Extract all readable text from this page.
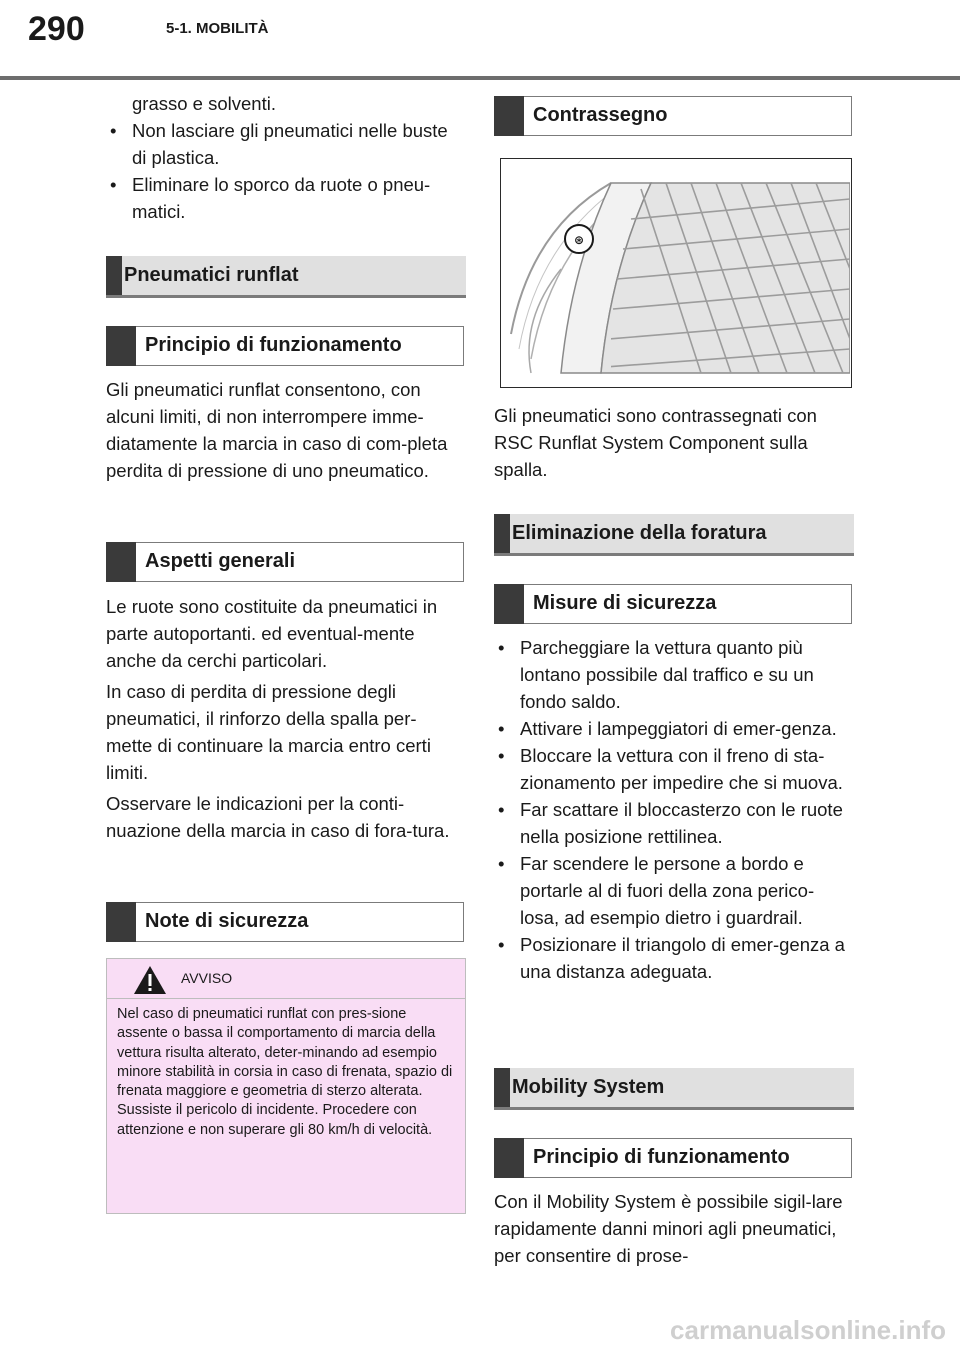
290	5-1. MOBILITÀ
grasso e solventi.
• Non lasciare gli pneumatici nelle buste di plastica.
• Eliminare lo sporco da ruote o pneu-matici.
Pneumatici runflat
Principio di funzionamento
Gli pneumatici runflat consentono, con alcuni limiti, di non interrompere imme-diatamente la marcia in caso di com-pleta perdita di pressione di uno pneumatico.
Aspetti generali
Le ruote sono costituite da pneumatici in parte autoportanti. ed eventual-mente anche da cerchi particolari.
In caso di perdita di pressione degli pneumatici, il rinforzo della spalla per-mette di continuare la marcia entro certi limiti.
Osservare le indicazioni per la conti-nuazione della marcia in caso di fora-tura.
Note di sicurezza
AVVISO
Nel caso di pneumatici runflat con pres-sione assente o bassa il comportamento di marcia della vettura risulta alterato, deter-minando ad esempio minore stabilità in corsia in caso di frenata, spazio di frenata maggiore e geometria di sterzo alterata. Sussiste il pericolo di incidente. Procedere con attenzione e non superare gli 80 km/h di velocità.
Contrassegno
⊛
Gli pneumatici sono contrassegnati con RSC Runflat System Component sulla spalla.
Eliminazione della foratura
Misure di sicurezza
• Parcheggiare la vettura quanto più lontano possibile dal traffico e su un fondo saldo.
• Attivare i lampeggiatori di emer-genza.
• Bloccare la vettura con il freno di sta-zionamento per impedire che si muova.
• Far scattare il bloccasterzo con le ruote nella posizione rettilinea.
• Far scendere le persone a bordo e portarle al di fuori della zona perico-losa, ad esempio dietro i guardrail.
• Posizionare il triangolo di emer-genza a una distanza adeguata.
Mobility System
Principio di funzionamento
Con il Mobility System è possibile sigil-lare rapidamente danni minori agli pneumatici, per consentire di prose-
carmanualsonline.info
